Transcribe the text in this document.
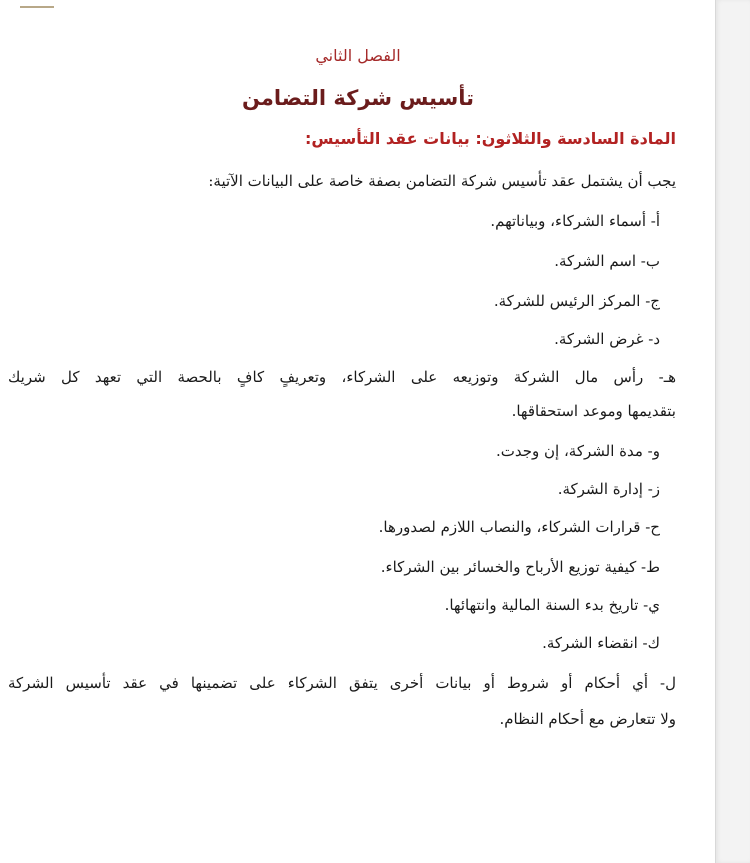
الفصل الثاني
تأسيس شركة التضامن
المادة السادسة والثلاثون: بيانات عقد التأسيس:
يجب أن يشتمل عقد تأسيس شركة التضامن بصفة خاصة على البيانات الآتية:
أ- أسماء الشركاء، وبياناتهم.
ب- اسم الشركة.
ج- المركز الرئيس للشركة.
د- غرض الشركة.
هـ- رأس مال الشركة وتوزيعه على الشركاء، وتعريفٍ كافٍ بالحصة التي تعهد كل شريك
بتقديمها وموعد استحقاقها.
و- مدة الشركة، إن وجدت.
ز- إدارة الشركة.
ح- قرارات الشركاء، والنصاب اللازم لصدورها.
ط- كيفية توزيع الأرباح والخسائر بين الشركاء.
ي- تاريخ بدء السنة المالية وانتهائها.
ك- انقضاء الشركة.
ل- أي أحكام أو شروط أو بيانات أخرى يتفق الشركاء على تضمينها في عقد تأسيس الشركة
ولا تتعارض مع أحكام النظام.
